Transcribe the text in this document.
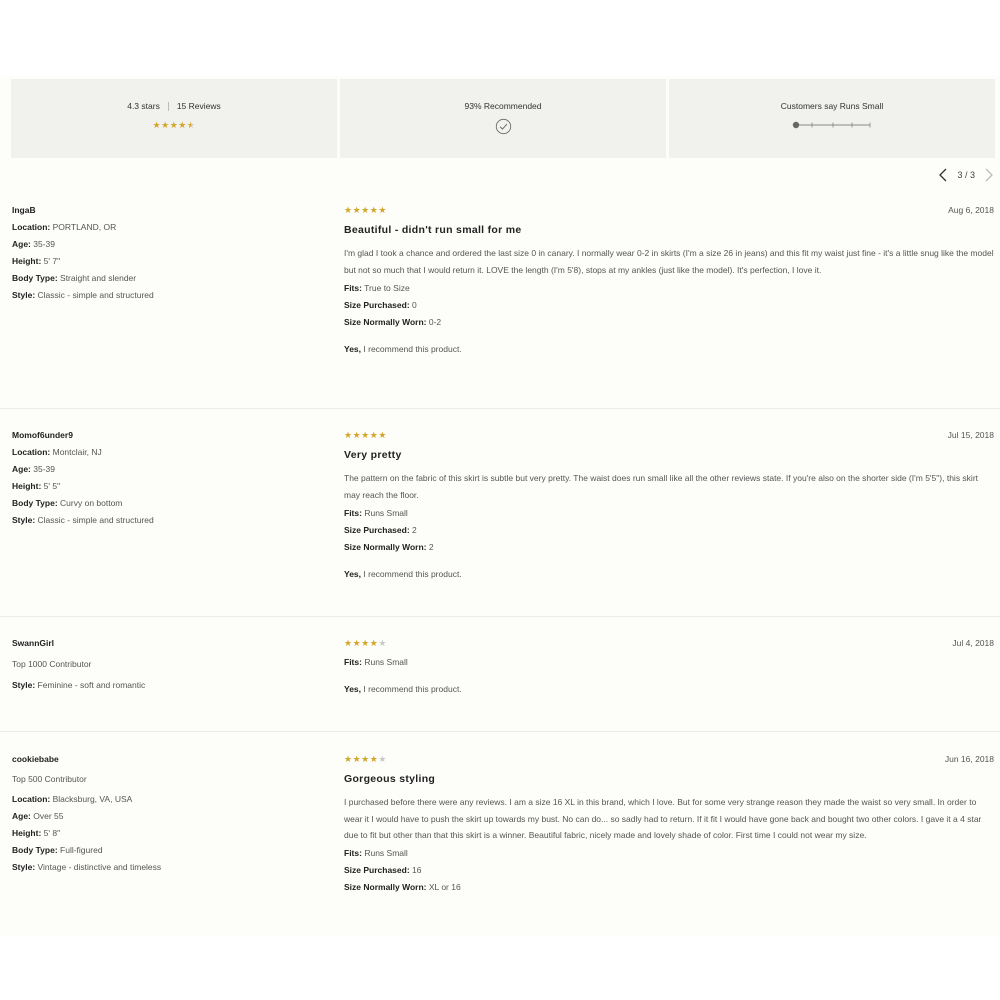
4.3 stars 15 Reviews
★★★★★
93% Recommended	Customers say Runs Small
3 / 3
IngaB
Location: PORTLAND, OR
Age: 35-39
Height: 5' 7"
Body Type: Straight and slender
Style: Classic - simple and structured
★★★★★	Aug 6, 2018
Beautiful - didn't run small for me
I'm glad I took a chance and ordered the last size 0 in canary. I normally wear 0-2 in skirts (I'm a size 26 in jeans) and this fit my waist just fine - it's a little snug like the model but not so much that I would return it. LOVE the length (I'm 5'8), stops at my ankles (just like the model). It's perfection, I love it.
Fits: True to Size
Size Purchased: 0
Size Normally Worn: 0-2
Yes, I recommend this product.
Momof6under9
Location: Montclair, NJ
Age: 35-39
Height: 5' 5"
Body Type: Curvy on bottom
Style: Classic - simple and structured
★★★★★	Jul 15, 2018
Very pretty
The pattern on the fabric of this skirt is subtle but very pretty. The waist does run small like all the other reviews state. If you're also on the shorter side (I'm 5'5"), this skirt may reach the floor.
Fits: Runs Small
Size Purchased: 2
Size Normally Worn: 2
Yes, I recommend this product.
SwannGirl
Top 1000 Contributor
Style: Feminine - soft and romantic
★★★★★	Jul 4, 2018
Fits: Runs Small
Yes, I recommend this product.
cookiebabe
Top 500 Contributor
Location: Blacksburg, VA, USA
Age: Over 55
Height: 5' 8"
Body Type: Full-figured
Style: Vintage - distinctive and timeless
★★★★★	Jun 16, 2018
Gorgeous styling
I purchased before there were any reviews. I am a size 16 XL in this brand, which I love. But for some very strange reason they made the waist so very small. In order to wear it I would have to push the skirt up towards my bust. No can do... so sadly had to return. If it fit I would have gone back and bought two other colors. I gave it a 4 star due to fit but other than that this skirt is a winner. Beautiful fabric, nicely made and lovely shade of color. First time I could not wear my size.
Fits: Runs Small
Size Purchased: 16
Size Normally Worn: XL or 16
